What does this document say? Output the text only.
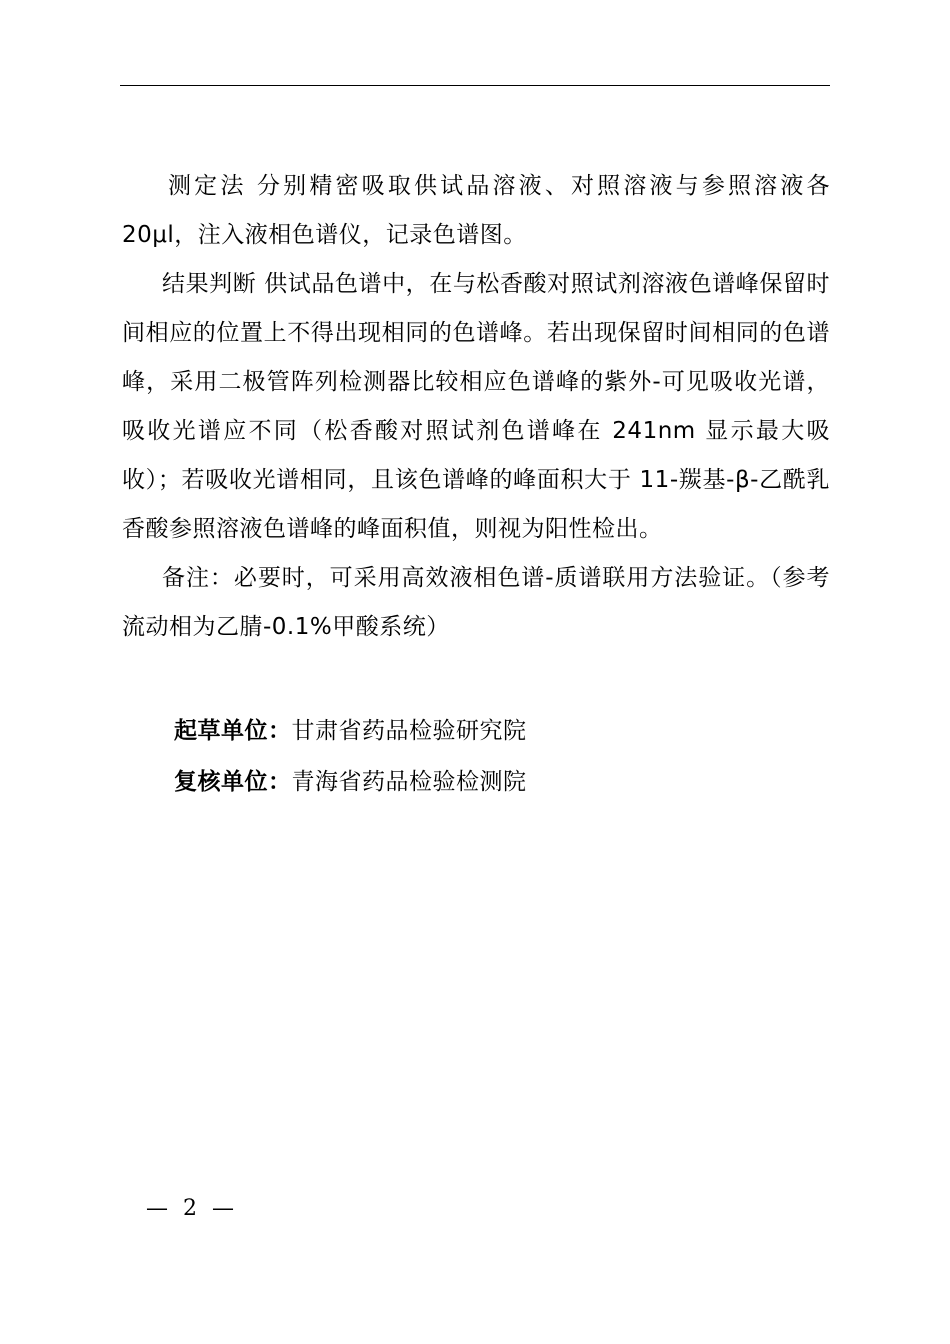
测定法 分别精密吸取供试品溶液、对照溶液与参照溶液各 20μl，注入液相色谱仪，记录色谱图。

结果判断 供试品色谱中，在与松香酸对照试剂溶液色谱峰保留时间相应的位置上不得出现相同的色谱峰。若出现保留时间相同的色谱峰，采用二极管阵列检测器比较相应色谱峰的紫外-可见吸收光谱，吸收光谱应不同（松香酸对照试剂色谱峰在 241nm 显示最大吸收）；若吸收光谱相同，且该色谱峰的峰面积大于 11-羰基-β-乙酰乳香酸参照溶液色谱峰的峰面积值，则视为阳性检出。

备注：必要时，可采用高效液相色谱-质谱联用方法验证。（参考流动相为乙腈-0.1%甲酸系统）

起草单位：甘肃省药品检验研究院

复核单位：青海省药品检验检测院

— 2 —
